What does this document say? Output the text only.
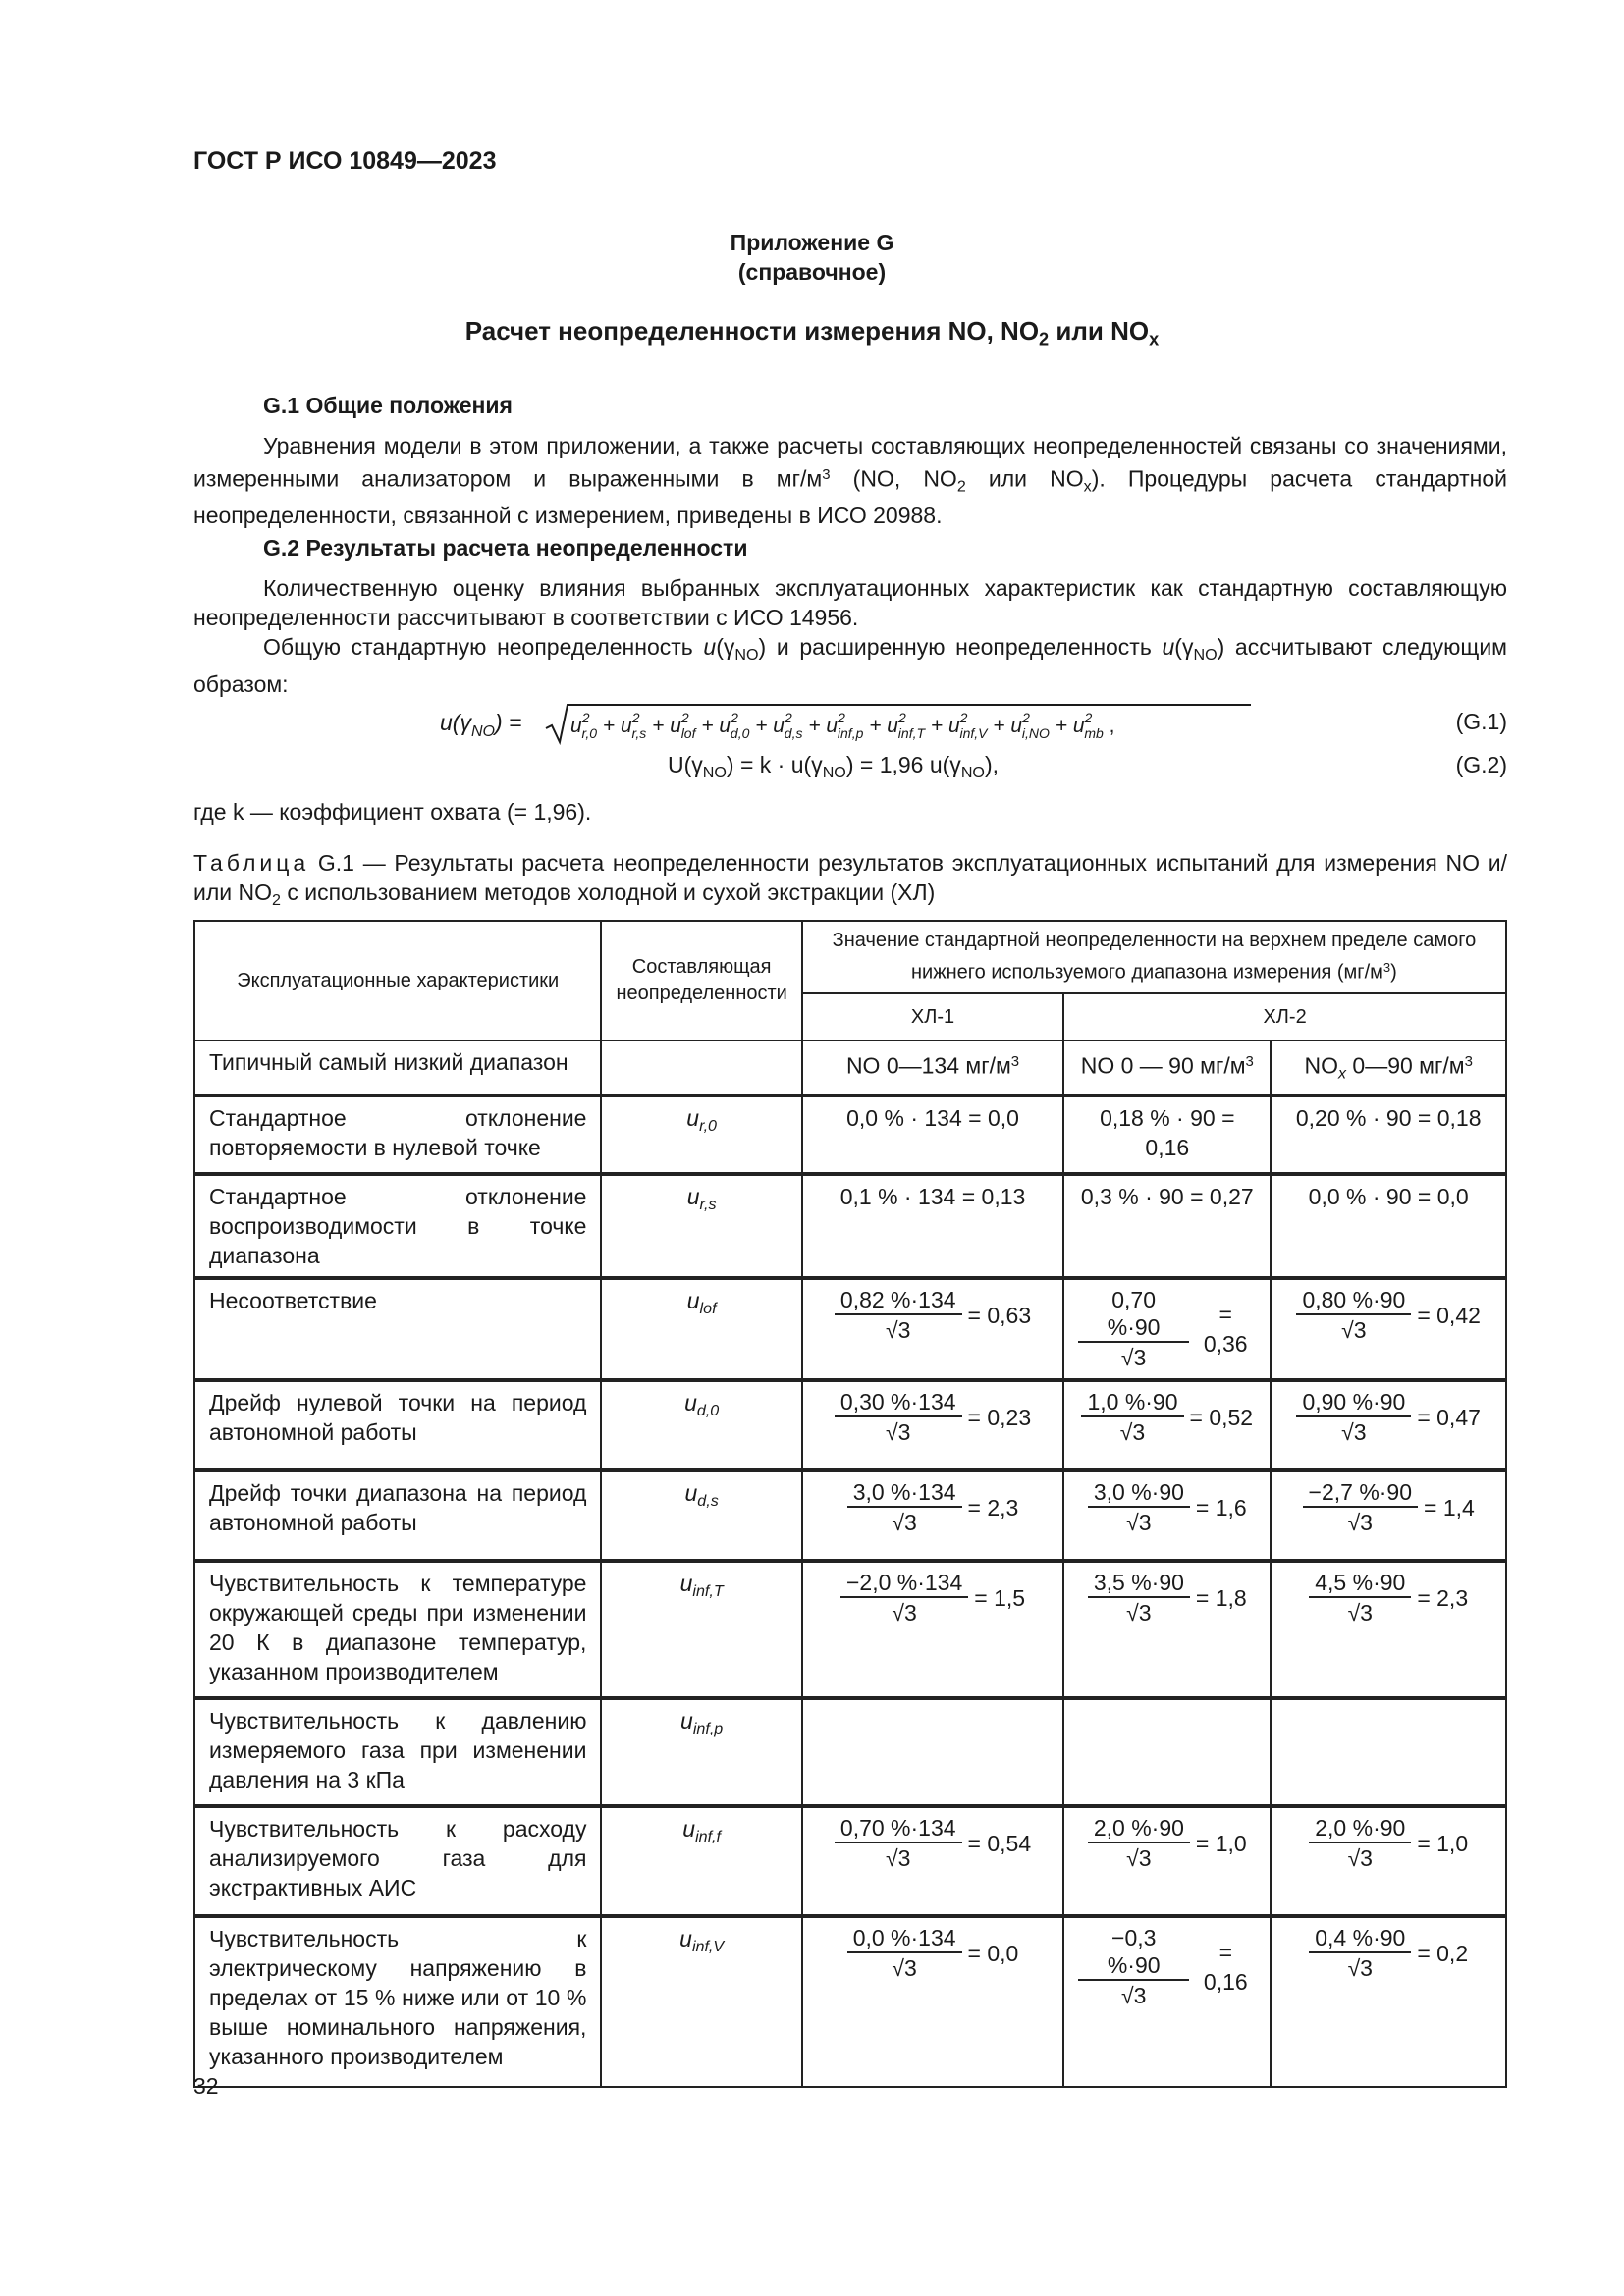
ГОСТ Р ИСО 10849—2023
Приложение G
(справочное)
Расчет неопределенности измерения NO, $NO_2$ или $NO_x$
G.1 Общие положения

Уравнения модели в этом приложении, а также расчеты составляющих неопределенностей связаны со значениями, измеренными анализатором и выраженными в $мг/м^3$ (NO, $NO_2$ или $NO_x$). Процедуры расчета стандартной неопределенности, связанной с измерением, приведены в ИСО 20988.

G.2 Результаты расчета неопределенности

Количественную оценку влияния выбранных эксплуатационных характеристик как стандартную составляющую неопределенности рассчитывают в соответствии с ИСО 14956.

Общую стандартную неопределенность $u(\gamma_{NO})$ и расширенную неопределенность $u(\gamma_{NO})$ ассчитывают следующим образом:

$u(\gamma_{NO}) = u^2$ $r,0 + u^2$ $r,s + u^2$ lof + $u^2$ $d,0 + u^2$ $d,s + u^2$ $inf,p + u^2$ $inf,T + u^2$ $inf,V + u^2$ $i,NO + u^2$ mb ,	(G.1)
$U(\gamma_{NO}) = k \cdot u(\gamma_{NO}) = 1,96$ $u(\gamma_{NO})$,	(G.2)
где k — коэффициент охвата (= 1,96).
Таблица G.1 — Результаты расчета неопределенности результатов эксплуатационных испытаний для измерения NO и/или $NO_2$ с использованием методов холодной и сухой экстракции (ХЛ)
Эксплуатационные характеристики	Составляющая неопределенности	Значение стандартной неопределенности на верхнем пределе самого нижнего используемого диапазона измерения $(мг/м^3)$		
		ХЛ-1	ХЛ-2	
Типичный самый низкий диапазон		NO 0—134 $мг/м^3$	NO 0 — 90 $мг/м^3$	$NO_x$ 0—90 $мг/м^3$
Стандартное отклонение повторяемости в нулевой точке	$u_{r,0}$	0,0 % · 134 = 0,0	0,18 % · 90 = 0,16	0,20 % · 90 = 0,18
Стандартное отклонение воспроизводимости в точке диапазона	$u_{r,s}$	0,1 % · 134 = 0,13	0,3 % · 90 = 0,27	0,0 % · 90 = 0,0
Несоответствие	$u_{lof}$	$\frac{0,82 \%\cdot 134}{√3} = 0,63$	$\frac{0,70 \%\cdot 90}{√3} = 0,36$	$\frac{0,80 \%\cdot 90}{√3} = 0,42$

Дрейф нулевой точки на период автономной работы	$u_{d,0}$	$\frac{0,30 \%\cdot 134}{√3} = 0,23$	$\frac{1,0 \%\cdot 90}{√3} = 0,52$	$\frac{0,90 \%\cdot 90}{√3} = 0,47$

Дрейф точки диапазона на период автономной работы	$u_{d,s}$	$\frac{3,0 \%\cdot 134}{√3} = 2,3$	$\frac{3,0 \%\cdot 90}{√3} = 1,6$	$\frac{-2,7 \%\cdot 90}{√3} = 1,4$

Чувствительность к температуре окружающей среды при изменении 20 К в диапазоне температур, указанном производителем	$u_{inf,T}$	$\frac{-2,0 \%\cdot 134}{√3} = 1,5$	$\frac{3,5 \%\cdot 90}{√3} = 1,8$	$\frac{4,5 \%\cdot 90}{√3} = 2,3$

Чувствительность к давлению измеряемого газа при изменении давления на 3 кПа	$u_{inf,p}$			
Чувствительность к расходу анализируемого газа для экстрактивных АИС	$u_{inf,f}$	$\frac{0,70 \%\cdot 134}{√3} = 0,54$	$\frac{2,0 \%\cdot 90}{√3} = 1,0$	$\frac{2,0 \%\cdot 90}{√3} = 1,0$

Чувствительность к электрическому напряжению в пределах от 15 % ниже или от 10 % выше номинального напряжения, указанного производителем	$u_{inf,V}$	$\frac{0,0 \%\cdot 134}{√3} = 0,0$	$\frac{-0,3 \%\cdot 90}{√3} = 0,16$	$\frac{0,4 \%\cdot 90}{√3} = 0,2$
32
